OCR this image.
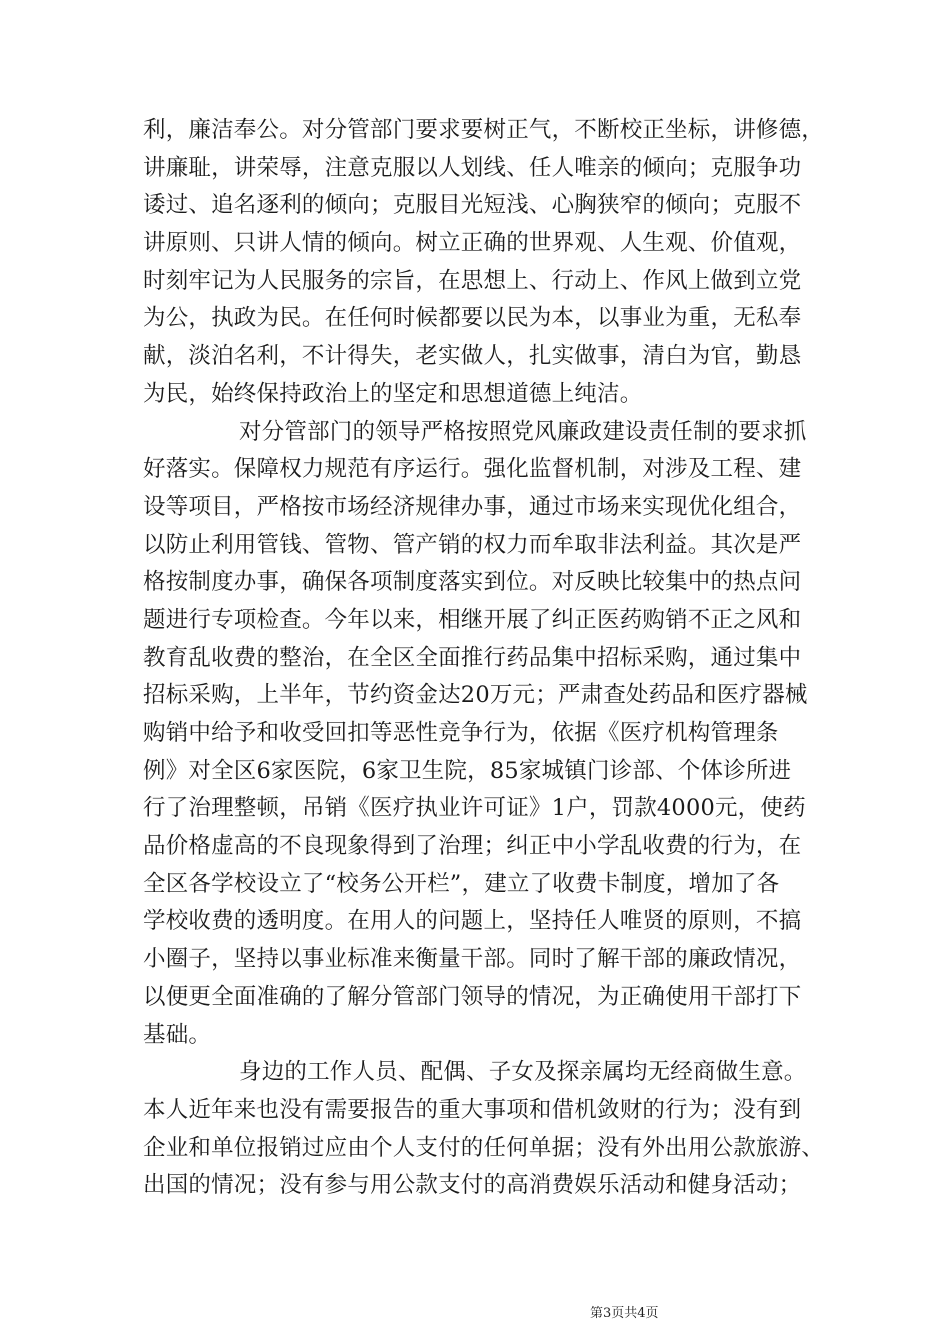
利，廉洁奉公。对分管部门要求要树正气，不断校正坐标，讲修德，
讲廉耻，讲荣辱，注意克服以人划线、任人唯亲的倾向；克服争功
诿过、追名逐利的倾向；克服目光短浅、心胸狭窄的倾向；克服不
讲原则、只讲人情的倾向。树立正确的世界观、人生观、价值观，
时刻牢记为人民服务的宗旨，在思想上、行动上、作风上做到立党
为公，执政为民。在任何时候都要以民为本，以事业为重，无私奉
献，淡泊名利，不计得失，老实做人，扎实做事，清白为官，勤恳
为民，始终保持政治上的坚定和思想道德上纯洁。
对分管部门的领导严格按照党风廉政建设责任制的要求抓
好落实。保障权力规范有序运行。强化监督机制，对涉及工程、建
设等项目，严格按市场经济规律办事，通过市场来实现优化组合，
以防止利用管钱、管物、管产销的权力而牟取非法利益。其次是严
格按制度办事，确保各项制度落实到位。对反映比较集中的热点问
题进行专项检查。今年以来，相继开展了纠正医药购销不正之风和
教育乱收费的整治，在全区全面推行药品集中招标采购，通过集中
招标采购，上半年，节约资金达20万元；严肃查处药品和医疗器械
购销中给予和收受回扣等恶性竞争行为，依据《医疗机构管理条
例》对全区6家医院，6家卫生院，85家城镇门诊部、个体诊所进
行了治理整顿，吊销《医疗执业许可证》1户，罚款4000元，使药
品价格虚高的不良现象得到了治理；纠正中小学乱收费的行为，在
全区各学校设立了“校务公开栏”，建立了收费卡制度，增加了各
学校收费的透明度。在用人的问题上，坚持任人唯贤的原则，不搞
小圈子，坚持以事业标准来衡量干部。同时了解干部的廉政情况，
以便更全面准确的了解分管部门领导的情况，为正确使用干部打下
基础。
身边的工作人员、配偶、子女及探亲属均无经商做生意。
本人近年来也没有需要报告的重大事项和借机敛财的行为；没有到
企业和单位报销过应由个人支付的任何单据；没有外出用公款旅游、
出国的情况；没有参与用公款支付的高消费娱乐活动和健身活动；
第3页共4页
